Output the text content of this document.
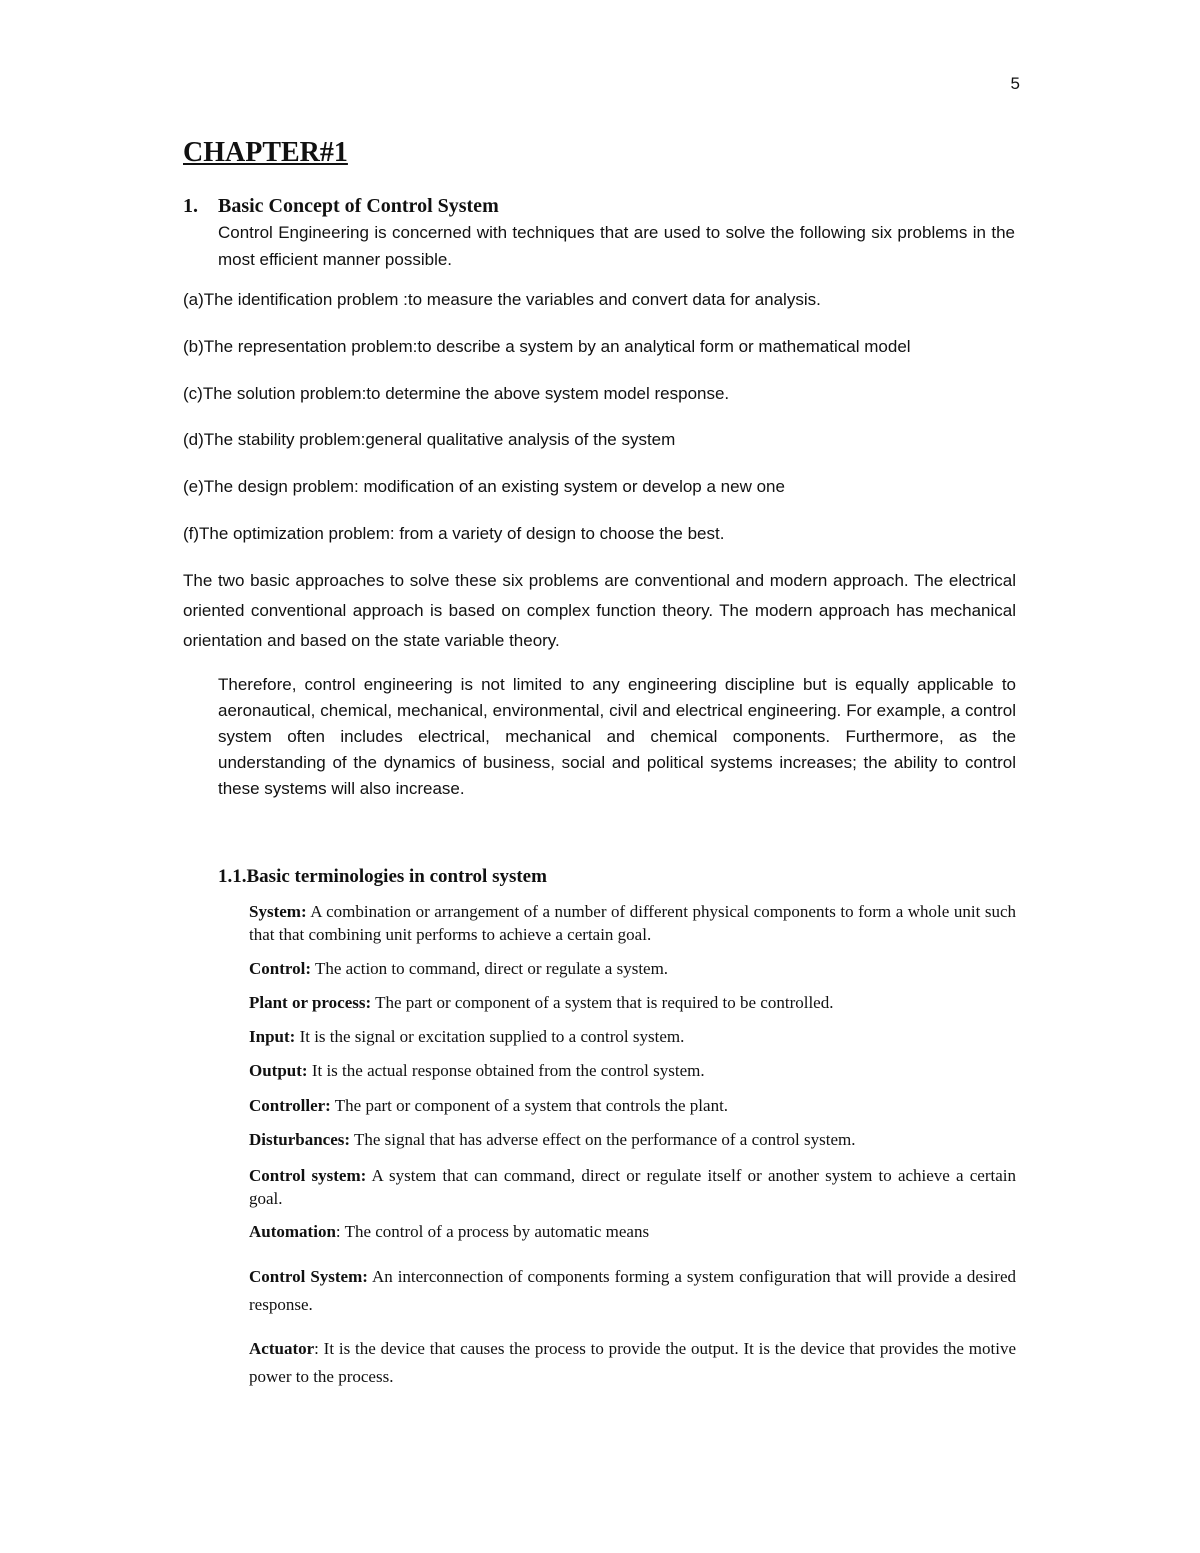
5
CHAPTER#1
1. Basic Concept of Control System

Control Engineering is concerned with techniques that are used to solve the following six problems in the most efficient manner possible.

(a)The identification problem :to measure the variables and convert data for analysis.

(b)The representation problem:to describe a system by an analytical form or mathematical model

(c)The solution problem:to determine the above system model response.

(d)The stability problem:general qualitative analysis of the system

(e)The design problem: modification of an existing system or develop a new one

(f)The optimization problem: from a variety of design to choose the best.

The two basic approaches to solve these six problems are conventional and modern approach. The electrical oriented conventional approach is based on complex function theory. The modern approach has mechanical orientation and based on the state variable theory.

Therefore, control engineering is not limited to any engineering discipline but is equally applicable to aeronautical, chemical, mechanical, environmental, civil and electrical engineering. For example, a control system often includes electrical, mechanical and chemical components. Furthermore, as the understanding of the dynamics of business, social and political systems increases; the ability to control these systems will also increase.

1.1.Basic terminologies in control system

System: A combination or arrangement of a number of different physical components to form a whole unit such that that combining unit performs to achieve a certain goal.

Control: The action to command, direct or regulate a system.

Plant or process: The part or component of a system that is required to be controlled.

Input: It is the signal or excitation supplied to a control system.

Output: It is the actual response obtained from the control system.

Controller: The part or component of a system that controls the plant.

Disturbances: The signal that has adverse effect on the performance of a control system.

Control system: A system that can command, direct or regulate itself or another system to achieve a certain goal.

Automation: The control of a process by automatic means

Control System: An interconnection of components forming a system configuration that will provide a desired response.

Actuator: It is the device that causes the process to provide the output. It is the device that provides the motive power to the process.
